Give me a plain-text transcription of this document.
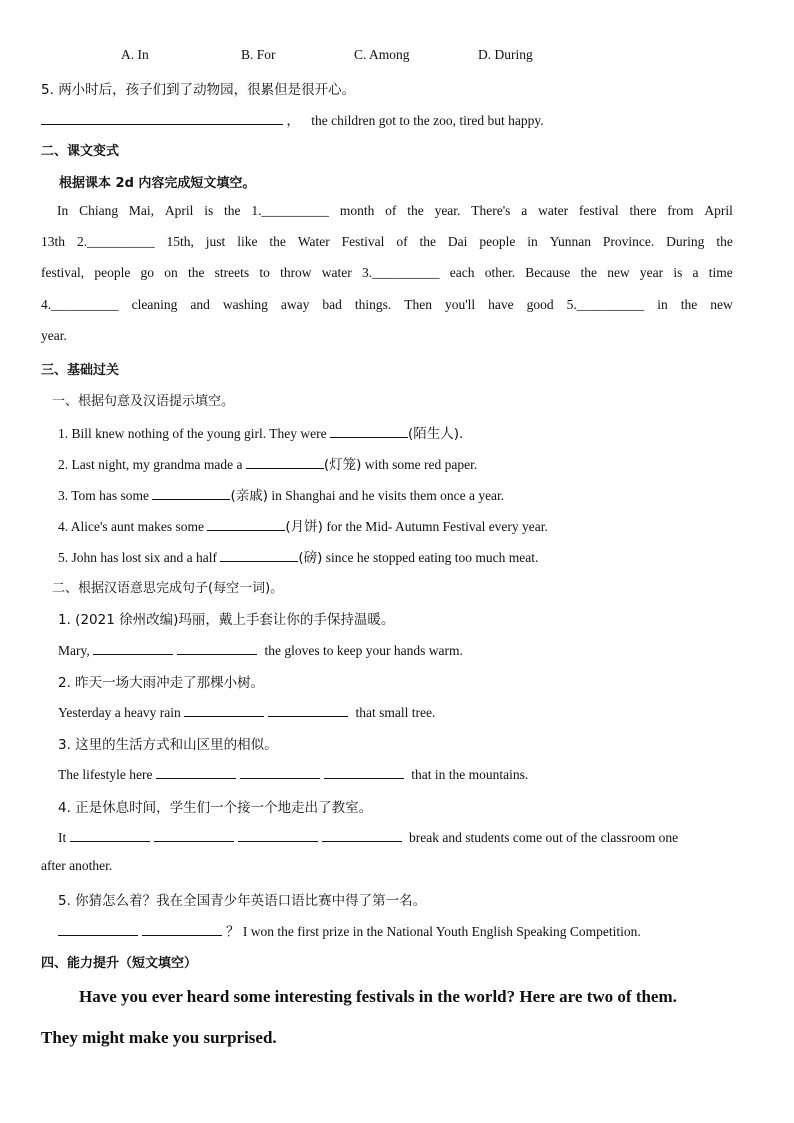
A. In	B. For	C. Among	D. During
5. 两小时后，孩子们到了动物园，很累但是很开心。
， the children got to the zoo, tired but happy.
二、课文变式
根据课本 2d 内容完成短文填空。
In Chiang Mai, April is the 1.__________ month of the year. There's a water festival there from April
13th 2.__________ 15th, just like the Water Festival of the Dai people in Yunnan Province. During the
festival, people go on the streets to throw water 3.__________ each other. Because the new year is a time
4.__________ cleaning and washing away bad things. Then you'll have good 5.__________ in the new
year.
三、基础过关
一、根据句意及汉语提示填空。
1. Bill knew nothing of the young girl. They were	(陌生人).
2. Last night, my grandma made a	(灯笼) with some red paper.
3. Tom has some	(亲戚) in Shanghai and he visits them once a year.
4. Alice's aunt makes some	(月饼) for the Mid- Autumn Festival every year.
5. John has lost six and a half	(磅) since he stopped eating too much meat.
二、根据汉语意思完成句子(每空一词)。
1. (2021 徐州改编)玛丽，戴上手套让你的手保持温暖。
Mary,	the gloves to keep your hands warm.
2. 昨天一场大雨冲走了那棵小树。
Yesterday a heavy rain	that small tree.
3. 这里的生活方式和山区里的相似。
The lifestyle here	that in the mountains.
4. 正是休息时间，学生们一个接一个地走出了教室。
It	break and students come out of the classroom one
after another.
5. 你猜怎么着？我在全国青少年英语口语比赛中得了第一名。
？ I won the first prize in the National Youth English Speaking Competition.
四、能力提升（短文填空）
Have you ever heard some interesting festivals in the world? Here are two of them.
They might make you surprised.
